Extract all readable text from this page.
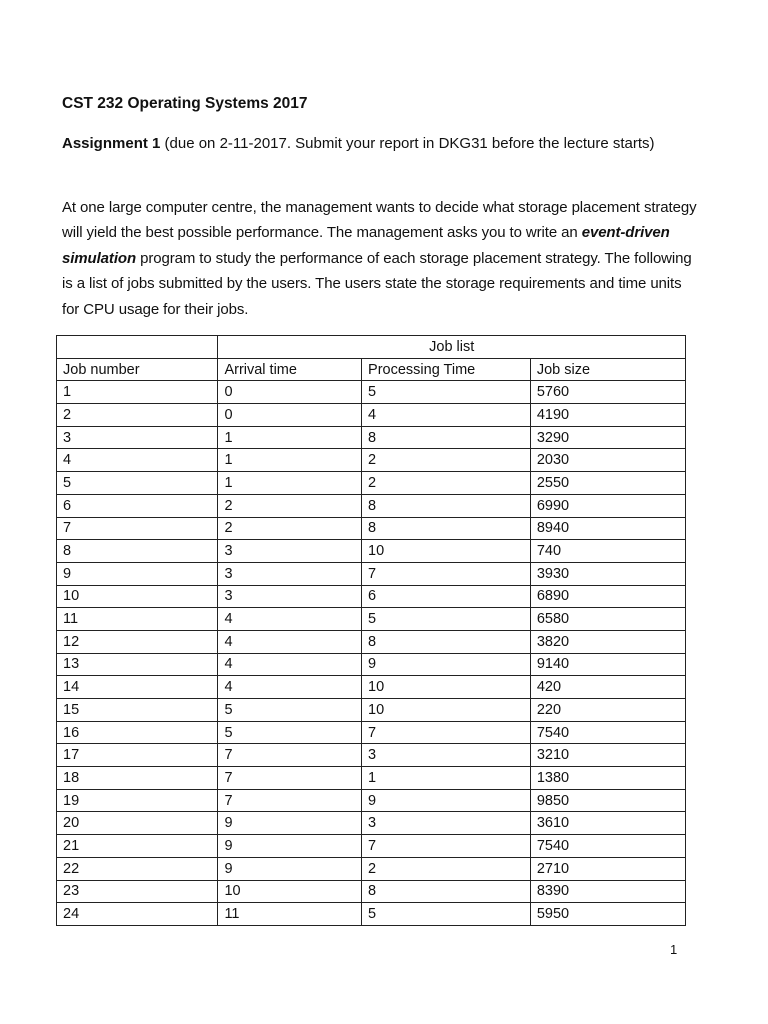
CST 232 Operating Systems 2017
Assignment 1 (due on 2-11-2017. Submit your report in DKG31 before the lecture starts)
At one large computer centre, the management wants to decide what storage placement strategy will yield the best possible performance. The management asks you to write an event-driven simulation program to study the performance of each storage placement strategy. The following is a list of jobs submitted by the users. The users state the storage requirements and time units for CPU usage for their jobs.
	Job list		
Job number	Arrival time	Processing Time	Job size
1	0	5	5760
2	0	4	4190
3	1	8	3290
4	1	2	2030
5	1	2	2550
6	2	8	6990
7	2	8	8940
8	3	10	740
9	3	7	3930
10	3	6	6890
11	4	5	6580
12	4	8	3820
13	4	9	9140
14	4	10	420
15	5	10	220
16	5	7	7540
17	7	3	3210
18	7	1	1380
19	7	9	9850
20	9	3	3610
21	9	7	7540
22	9	2	2710
23	10	8	8390
24	11	5	5950
1
